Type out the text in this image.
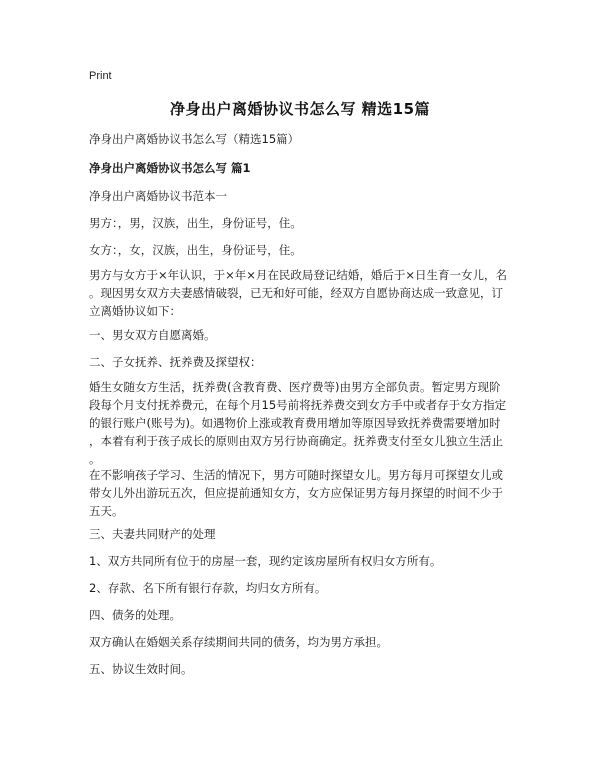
Print
净身出户离婚协议书怎么写 精选15篇
净身出户离婚协议书怎么写（精选15篇）
净身出户离婚协议书怎么写 篇1
净身出户离婚协议书范本一
男方：，男，汉族，出生，身份证号，住。
女方：，女，汉族，出生，身份证号，住。
男方与女方于×年认识，于×年×月在民政局登记结婚，婚后于×日生育一女儿，名
。现因男女双方夫妻感情破裂，已无和好可能，经双方自愿协商达成一致意见，订
立离婚协议如下：
一、男女双方自愿离婚。
二、子女抚养、抚养费及探望权：
婚生女随女方生活，抚养费(含教育费、医疗费等)由男方全部负责。暂定男方现阶
段每个月支付抚养费元，在每个月15号前将抚养费交到女方手中或者存于女方指定
的银行账户(账号为)。如遇物价上涨或教育费用增加等原因导致抚养费需要增加时
，本着有利于孩子成长的原则由双方另行协商确定。抚养费支付至女儿独立生活止
。
在不影响孩子学习、生活的情况下，男方可随时探望女儿。男方每月可探望女儿或
带女儿外出游玩五次，但应提前通知女方，女方应保证男方每月探望的时间不少于
五天。
三、夫妻共同财产的处理
1、双方共同所有位于的房屋一套，现约定该房屋所有权归女方所有。
2、存款、名下所有银行存款，均归女方所有。
四、债务的处理。
双方确认在婚姻关系存续期间共同的债务，均为男方承担。
五、协议生效时间。
